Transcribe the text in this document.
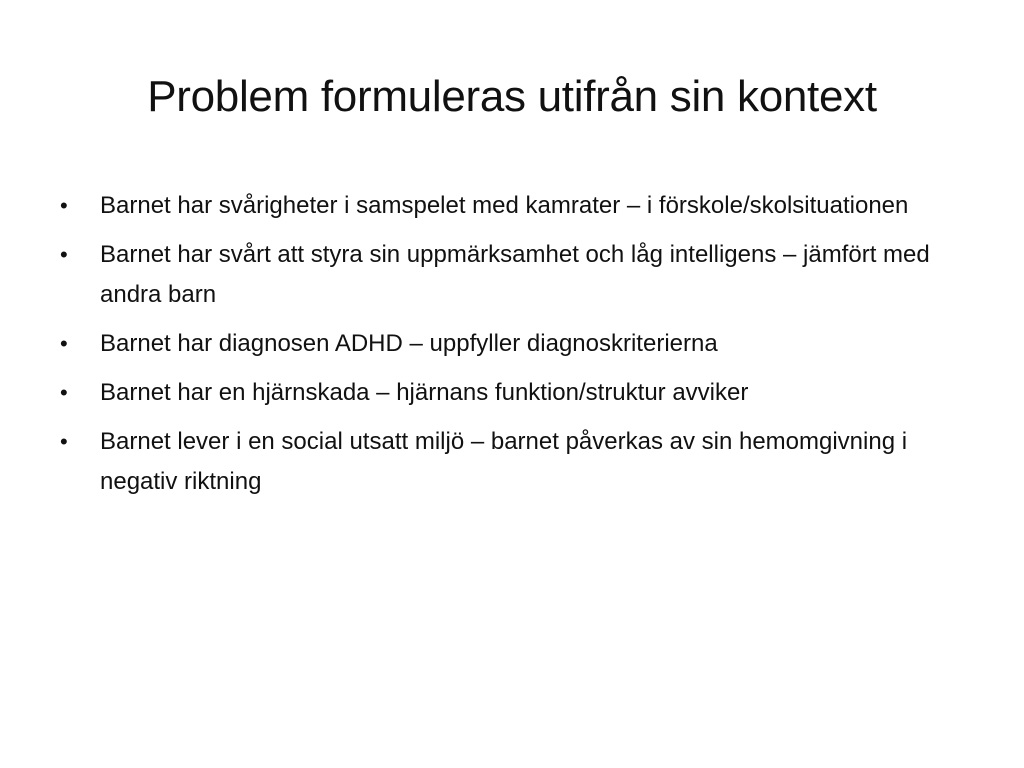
Problem formuleras utifrån sin kontext
• Barnet har svårigheter i samspelet med kamrater – i förskole/skolsituationen
• Barnet har svårt att styra sin uppmärksamhet och låg intelligens – jämfört med andra barn
• Barnet har diagnosen ADHD – uppfyller diagnoskriterierna
• Barnet har en hjärnskada – hjärnans funktion/struktur avviker
• Barnet lever i en social utsatt miljö – barnet påverkas av sin hemomgivning i negativ riktning
